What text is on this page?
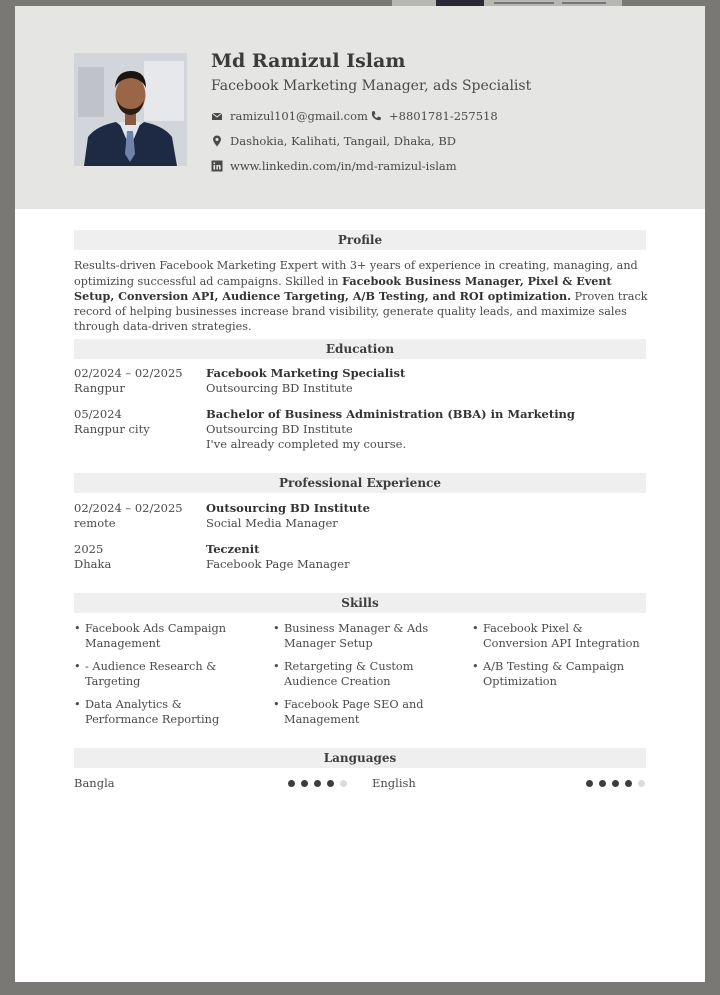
Md Ramizul Islam
Facebook Marketing Manager, ads Specialist
ramizul101@gmail.com +8801781-257518
Dashokia, Kalihati, Tangail, Dhaka, BD
www.linkedin.com/in/md-ramizul-islam
Profile
Results-driven Facebook Marketing Expert with 3+ years of experience in creating, managing, and optimizing successful ad campaigns. Skilled in Facebook Business Manager, Pixel & Event Setup, Conversion API, Audience Targeting, A/B Testing, and ROI optimization. Proven track record of helping businesses increase brand visibility, generate quality leads, and maximize sales through data-driven strategies.
Education
02/2024 – 02/2025
Rangpur
Facebook Marketing Specialist
Outsourcing BD Institute
05/2024
Rangpur city
Bachelor of Business Administration (BBA) in Marketing
Outsourcing BD Institute
I've already completed my course.
Professional Experience
02/2024 – 02/2025
remote
Outsourcing BD Institute
Social Media Manager
2025
Dhaka
Teczenit
Facebook Page Manager
Skills
• Facebook Ads Campaign Management
• Business Manager & Ads Manager Setup
• Facebook Pixel & Conversion API Integration
• - Audience Research & Targeting
• Retargeting & Custom Audience Creation
• A/B Testing & Campaign Optimization
• Data Analytics & Performance Reporting
• Facebook Page SEO and Management
Languages
Bangla	English
